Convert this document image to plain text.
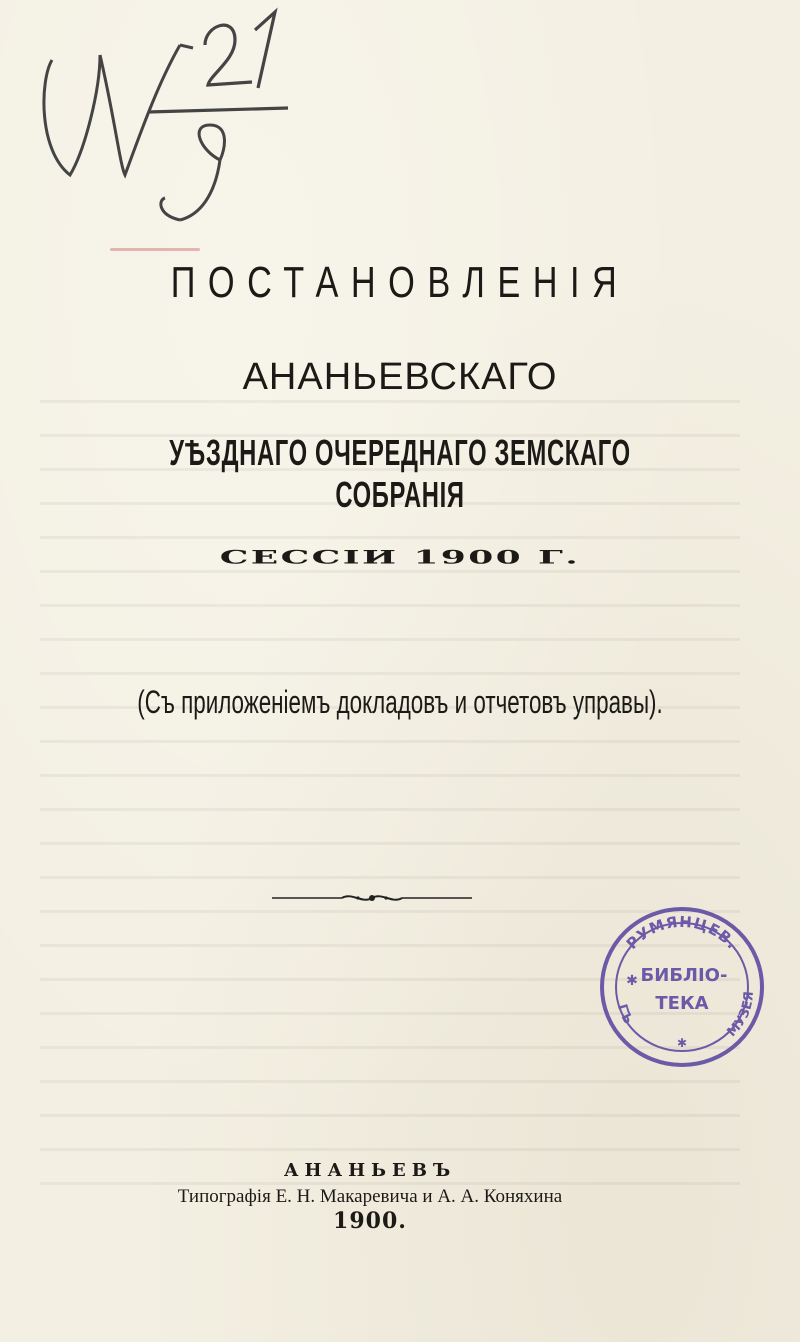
ПОСТАНОВЛЕНІЯ
АНАНЬЕВСКАГО
УѢЗДНАГО ОЧЕРЕДНАГО ЗЕМСКАГО СОБРАНІЯ
СЕССІИ 1900 Г.
(Съ приложеніемъ докладовъ и отчетовъ управы).
РУМЯНЦЕВ.
ГЪ
МУЗЕЯ
БИБЛІО-
ТЕКА
✱
✱
АНАНЬЕВЪ
Типографія Е. Н. Макаревича и А. А. Коняхина
1900.
